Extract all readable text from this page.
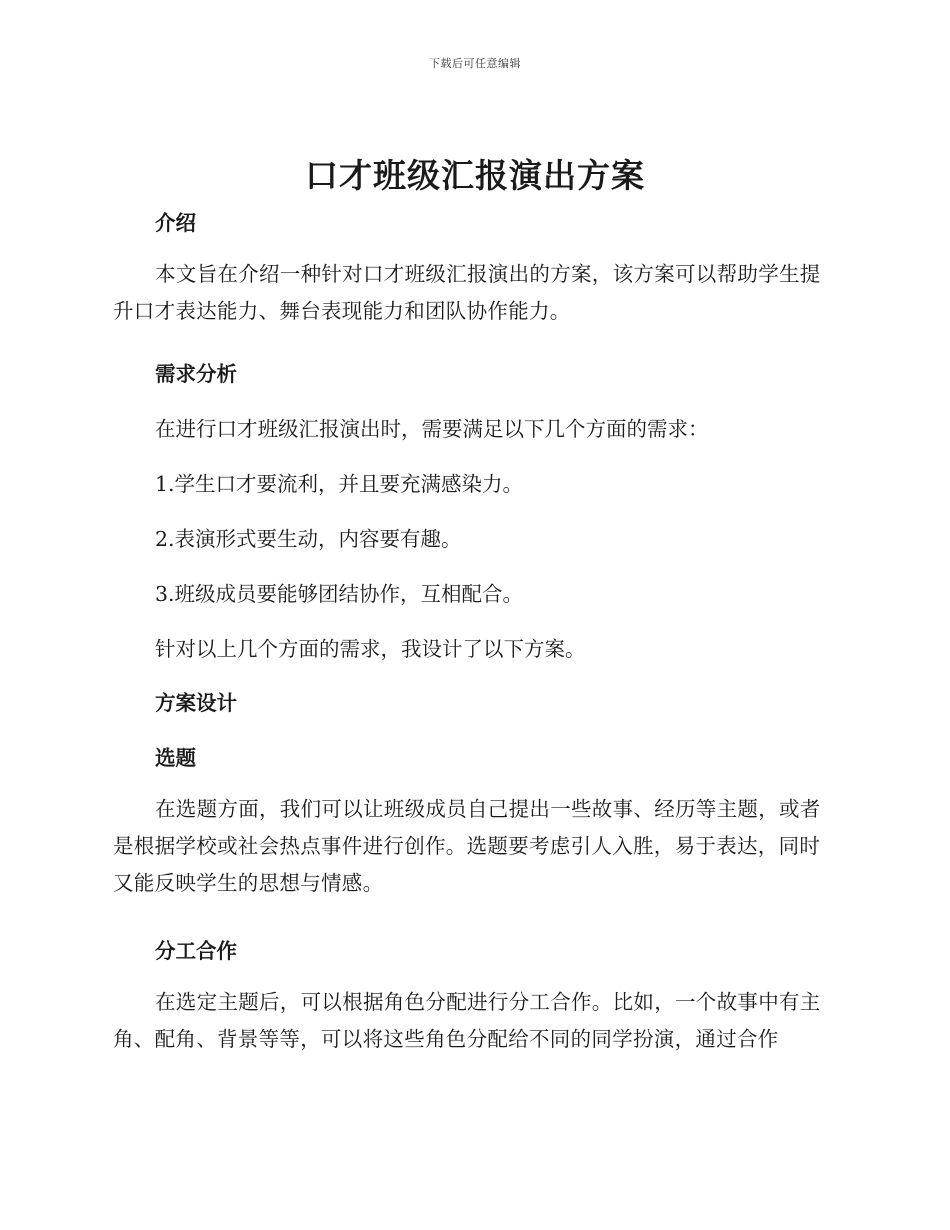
下载后可任意编辑
口才班级汇报演出方案
介绍

本文旨在介绍一种针对口才班级汇报演出的方案，该方案可以帮助学生提升口才表达能力、舞台表现能力和团队协作能力。

需求分析

在进行口才班级汇报演出时，需要满足以下几个方面的需求：

1.学生口才要流利，并且要充满感染力。

2.表演形式要生动，内容要有趣。

3.班级成员要能够团结协作，互相配合。

针对以上几个方面的需求，我设计了以下方案。

方案设计
选题

在选题方面，我们可以让班级成员自己提出一些故事、经历等主题，或者是根据学校或社会热点事件进行创作。选题要考虑引人入胜，易于表达，同时又能反映学生的思想与情感。

分工合作

在选定主题后，可以根据角色分配进行分工合作。比如，一个故事中有主角、配角、背景等等，可以将这些角色分配给不同的同学扮演，通过合作
